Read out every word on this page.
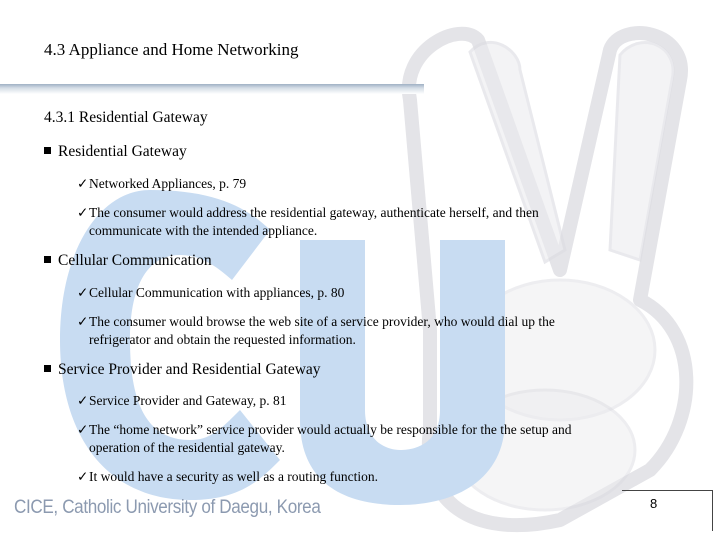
4.3 Appliance and Home Networking
4.3.1 Residential Gateway
Residential Gateway
✓Networked Appliances, p. 79
✓The consumer would address the residential gateway, authenticate herself, and then
communicate with the intended appliance.
Cellular Communication
✓Cellular Communication with appliances, p. 80
✓The consumer would browse the web site of a service provider, who would dial up the
refrigerator and obtain the requested information.
Service Provider and Residential Gateway
✓Service Provider and Gateway, p. 81
✓The “home network” service provider would actually be responsible for the the setup and
operation of the residential gateway.
✓It would have a security as well as a routing function.
CICE, Catholic University of Daegu, Korea	8
